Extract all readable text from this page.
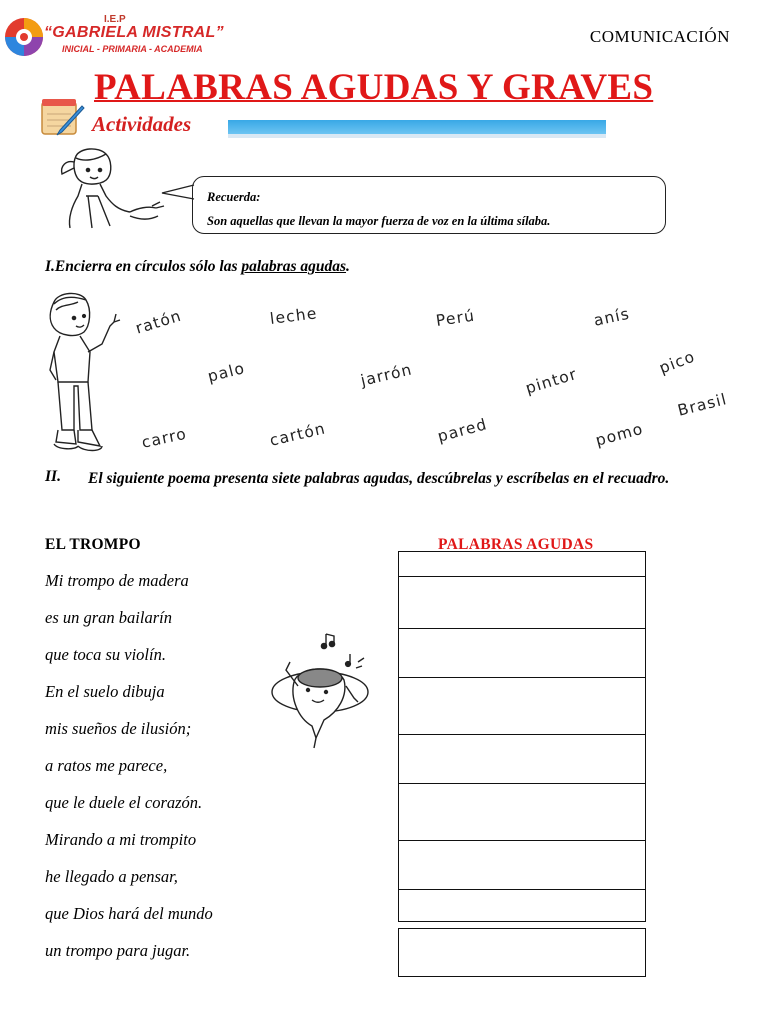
I.E.P
“GABRIELA MISTRAL”
INICIAL - PRIMARIA - ACADEMIA
COMUNICACIÓN
PALABRAS AGUDAS Y GRAVES
Actividades
Recuerda:
Son aquellas que llevan la mayor fuerza de voz en la última sílaba.
I.Encierra en círculos sólo las palabras agudas.
ratón	leche	Perú	anís
palo	jarrón	pintor
pico
carro	cartón	pared	pomo
Brasil
II. El siguiente poema presenta siete palabras agudas, descúbrelas y escríbelas en el recuadro.
EL TROMPO
Mi trompo de madera
es un gran bailarín
que toca su violín.
En el suelo dibuja
mis sueños de ilusión;
a ratos me parece,
que le duele el corazón.
Mirando a mi trompito
he llegado a pensar,
que Dios hará del mundo
un trompo para jugar.
PALABRAS AGUDAS
